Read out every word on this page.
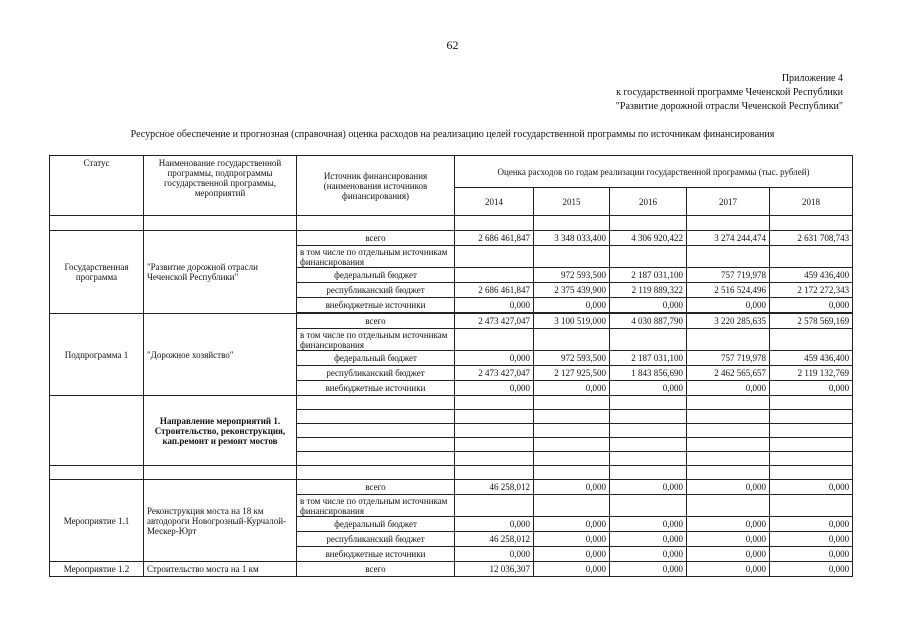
62
Приложение 4
к государственной программе Чеченской Республики
"Развитие дорожной отрасли Чеченской Республики"
Ресурсное обеспечение и прогнозная (справочная) оценка расходов на реализацию целей государственной программы по источникам финансирования
Статус	Наименование государственной программы, подпрограммы государственной программы, мероприятий	Источник финансирования (наименования источников финансирования)	Оценка расходов по годам реализации государственной программы (тыс. рублей)				
			2014	2015	2016	2017	2018

Государственная программа	"Развитие дорожной отрасли Чеченской Республики"	всего	2 686 461,847	3 348 033,400	4 306 920,422	3 274 244,474	2 631 708,743
		в том числе по отдельным источникам финансирования					
		федеральный бюджет		972 593,500	2 187 031,100	757 719,978	459 436,400
		республиканский бюджет	2 686 461,847	2 375 439,900	2 119 889,322	2 516 524,496	2 172 272,343
		внебюджетные источники	0,000	0,000	0,000	0,000	0,000

Подпрограмма 1	"Дорожное хозяйство"	всего	2 473 427,047	3 100 519,000	4 030 887,790	3 220 285,635	2 578 569,169
		в том числе по отдельным источникам финансирования					
		федеральный бюджет	0,000	972 593,500	2 187 031,100	757 719,978	459 436,400
		республиканский бюджет	2 473 427,047	2 127 925,500	1 843 856,690	2 462 565,657	2 119 132,769
		внебюджетные источники	0,000	0,000	0,000	0,000	0,000
	Направление мероприятий 1. Строительство, реконструкция, кап.ремонт и ремонт мостов						

Мероприятие 1.1	Реконструкция моста на 18 км автодороги Новогрозный-Курчалой-Мескер-Юрт	всего	46 258,012	0,000	0,000	0,000	0,000
		в том числе по отдельным источникам финансирования					
		федеральный бюджет	0,000	0,000	0,000	0,000	0,000
		республиканский бюджет	46 258,012	0,000	0,000	0,000	0,000
		внебюджетные источники	0,000	0,000	0,000	0,000	0,000
Мероприятие 1.2	Строительство моста на 1 км	всего	12 036,307	0,000	0,000	0,000	0,000
